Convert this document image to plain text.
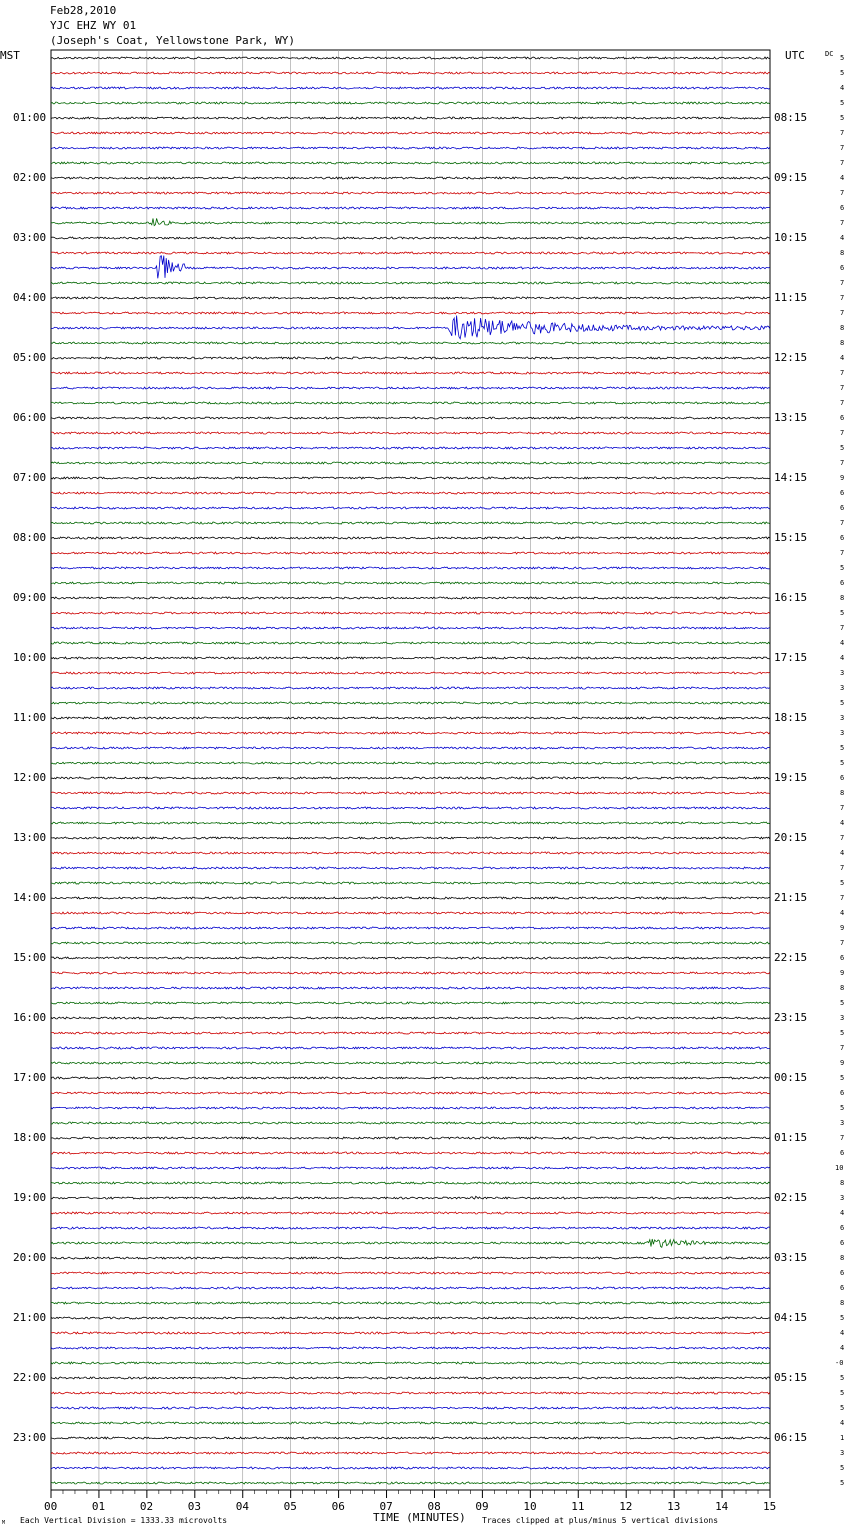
Feb28,2010
YJC EHZ WY 01
(Joseph's Coat, Yellowstone Park, WY)
MST	UTC	DC
M Each Vertical Division = 1333.33 microvolts	TIME (MINUTES) Traces clipped at plus/minus 5 vertical divisions
5
5
4
5
5
7
7
7
4
7
6
7
4
8
6
7
7
7
8
8
4
7
7
7
6
7
5
7
9
6
6
7
6
7
5
6
8
5
7
4
4
3
3
5
3
3
5
5
6
8
7
4
7
4
7
5
7
4
9
7
6
9
8
5
3
5
7
9
5
6
5
3
7
6
10
8
3
4
6
6
8
6
6
8
5
4
4
-0
5
5
5
4
1
3
5
5
01:00
02:00
03:00
04:00
05:00
06:00
07:00
08:00
09:00
10:00
11:00
12:00
13:00
14:00
15:00
16:00
17:00
18:00
19:00
20:00
21:00
22:00
23:00
08:15
09:15
10:15
11:15
12:15
13:15
14:15
15:15
16:15
17:15
18:15
19:15
20:15
21:15
22:15
23:15
00:15
01:15
02:15
03:15
04:15
05:15
06:15
00	01	02	03	04	05	06	07	08	09	10	11	12	13	14	15
